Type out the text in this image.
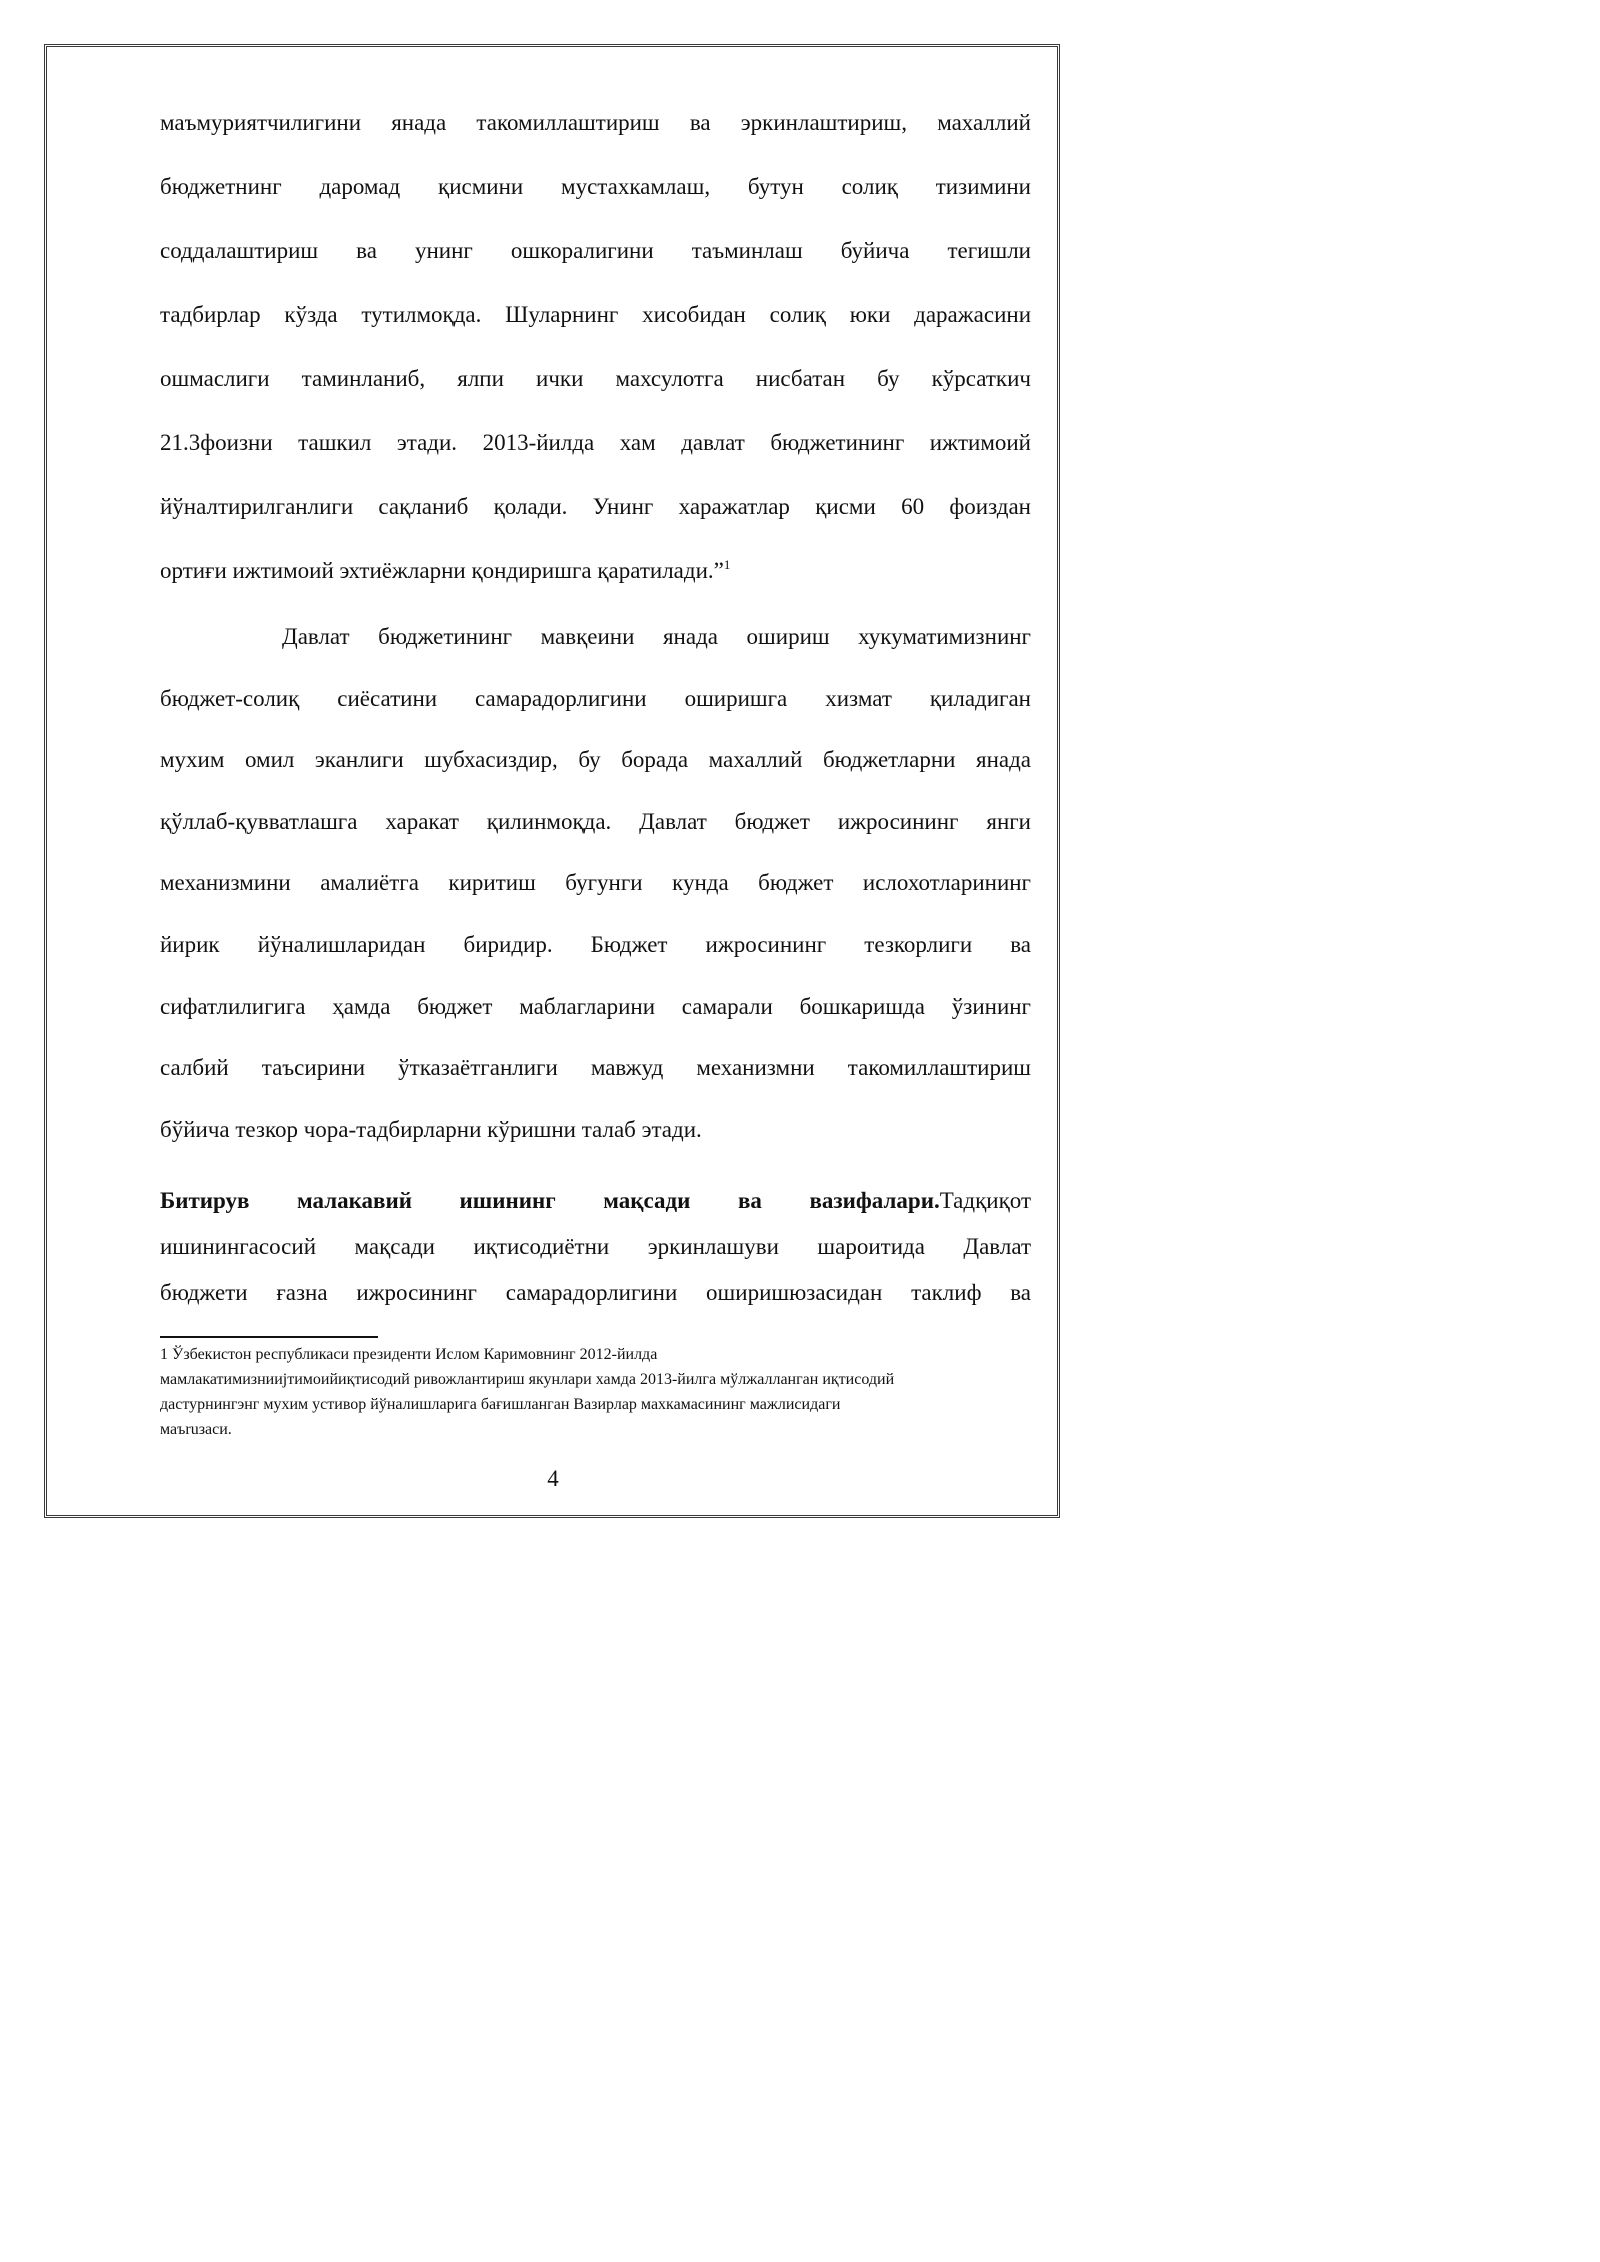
маъмуриятчилигини янада такомиллаштириш ва эркинлаштириш, махаллий
бюджетнинг даромад қисмини мустахкамлаш, бутун солиқ тизимини
соддалаштириш ва унинг ошкоралигини таъминлаш буйича тегишли
тадбирлар кўзда тутилмоқда. Шуларнинг хисобидан солиқ юки даражасини
ошмаслиги таминланиб, ялпи ички махсулотга нисбатан бу кўрсаткич
21.3фоизни ташкил этади. 2013-йилда хам давлат бюджетининг ижтимоий
йўналтирилганлиги сақланиб қолади. Унинг харажатлар қисми 60 фоиздан
ортиғи ижтимоий эхтиёжларни қондиришга қаратилади.”$^1$
Давлат бюджетининг мавқеини янада ошириш хукуматимизнинг
бюджет-солиқ сиёсатини самарадорлигини оширишга хизмат қиладиган
мухим омил эканлиги шубхасиздир, бу борада махаллий бюджетларни янада
қўллаб-қувватлашга харакат қилинмоқда. Давлат бюджет ижросининг янги
механизмини амалиётга киритиш бугунги кунда бюджет ислохотларининг
йирик йўналишларидан биридир. Бюджет ижросининг тезкорлиги ва
сифатлилигига ҳамда бюджет маблагларини самарали бошкаришда ўзининг
салбий таъсирини ўтказаётганлиги мавжуд механизмни такомиллаштириш
бўйича тезкор чора-тадбирларни кўришни талаб этади.
Битирув малакавий ишининг мақсади ва вазифалари.Тадқиқот
ишинингасосий мақсади иқтисодиётни эркинлашуви шароитида Давлат
бюджети ғазна ижросининг самарадорлигини оширишюзасидан таклиф ва
1 Ўзбекистон республикаси президенти Ислом Каримовнинг 2012-йилда
мамлакатимизнииjтимоийиқтисодий ривожлантириш якунлари хамда 2013-йилга мўлжалланган иқтисодий
дастурнингэнг мухим устивор йўналишларига бағишланган Вазирлар махкамасининг мажлисидаги
маъruзаси.
4
